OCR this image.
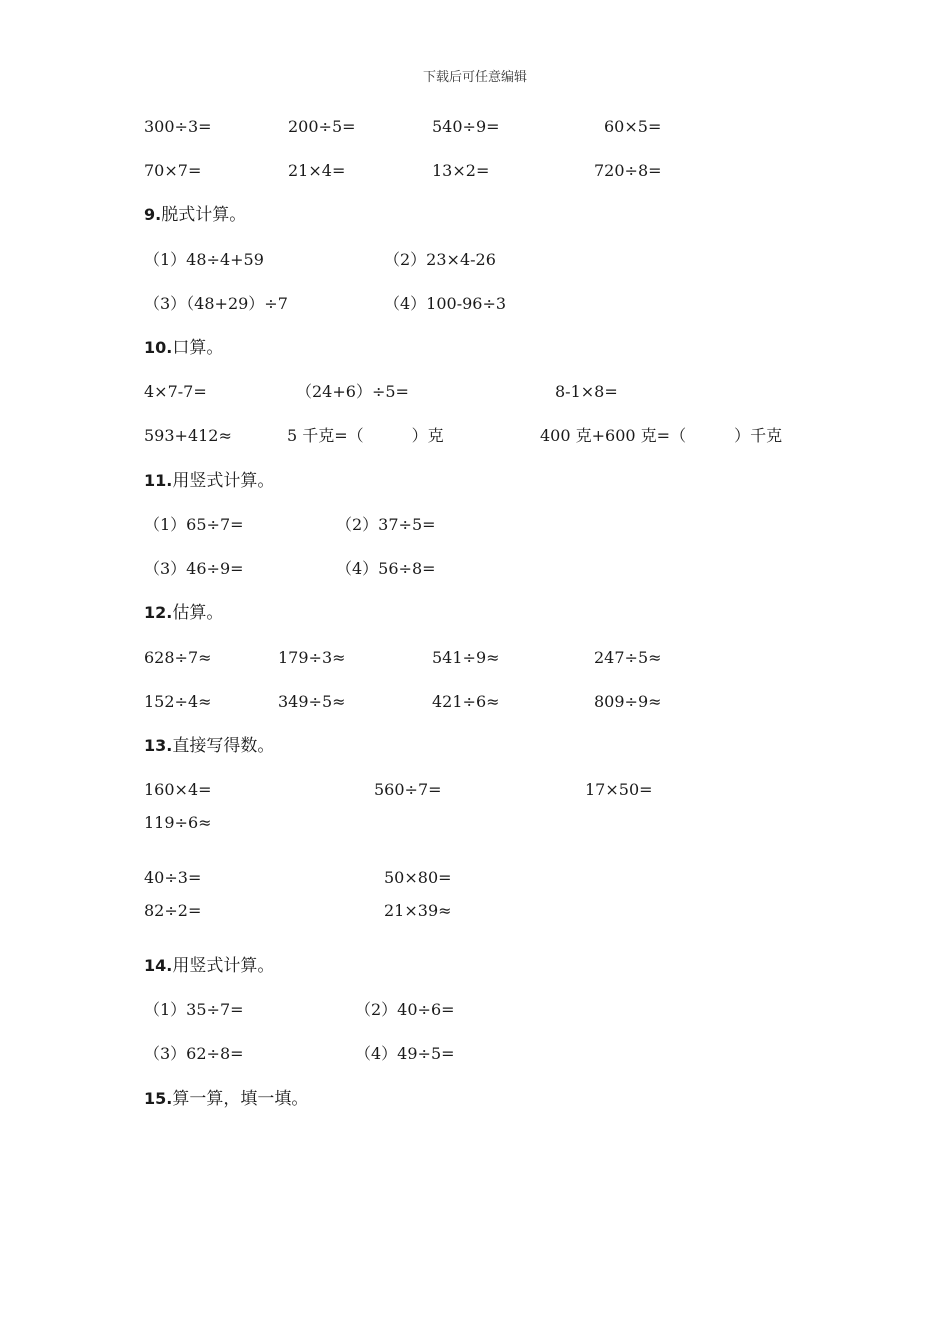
下载后可任意编辑
300÷3=	200÷5=	540÷9=	60×5=
70×7=	21×4=	13×2=	720÷8=
9.脱式计算。
（1）48÷4+59	（2）23×4-26
（3）（48+29）÷7	（4）100-96÷3
10.口算。
4×7-7=	（24+6）÷5=	8-1×8=
593+412≈	5 千克=（　　　）克	400 克+600 克=（　　　）千克
11.用竖式计算。
（1）65÷7=	（2）37÷5=
（3）46÷9=	（4）56÷8=
12.估算。
628÷7≈	179÷3≈	541÷9≈	247÷5≈
152÷4≈	349÷5≈	421÷6≈	809÷9≈
13.直接写得数。
160×4=	560÷7=	17×50=
119÷6≈
40÷3=	50×80=
82÷2=	21×39≈
14.用竖式计算。
（1）35÷7=	（2）40÷6=
（3）62÷8=	（4）49÷5=
15.算一算，填一填。
